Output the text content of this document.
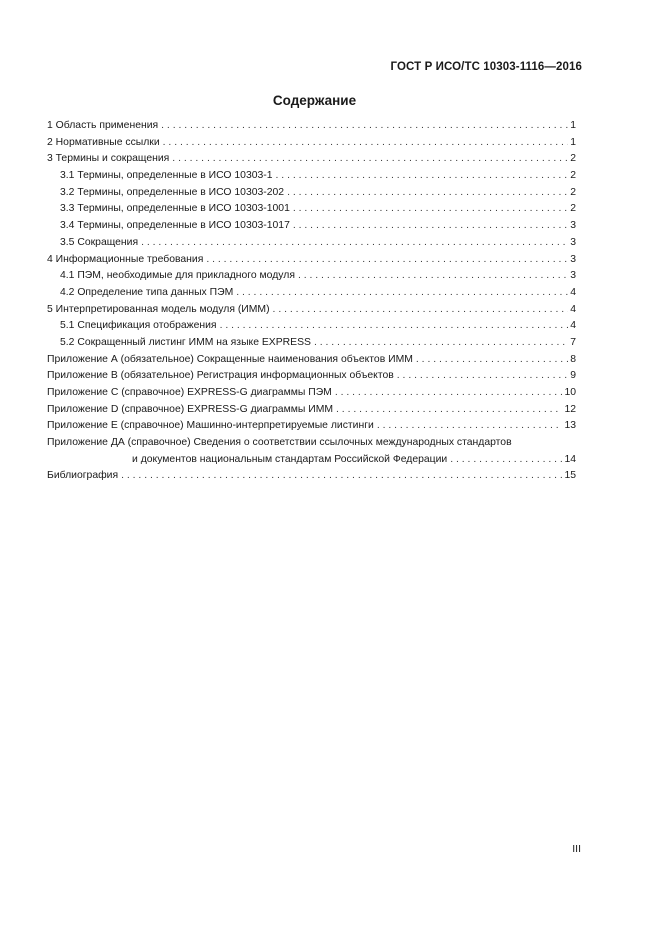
ГОСТ Р ИСО/ТС 10303-1116—2016
Содержание
1 Область применения . . .	1
2 Нормативные ссылки . . .	1
3 Термины и сокращения . . .	2
3.1 Термины, определенные в ИСО 10303-1 . . .	2
3.2 Термины, определенные в ИСО 10303-202 . . .	2
3.3 Термины, определенные в ИСО 10303-1001 . . .	2
3.4 Термины, определенные в ИСО 10303-1017 . . .	3
3.5 Сокращения . . .	3
4 Информационные требования . . .	3
4.1 ПЭМ, необходимые для прикладного модуля . . .	3
4.2 Определение типа данных ПЭМ . . .	4
5 Интерпретированная модель модуля (ИММ) . . .	4
5.1 Спецификация отображения . . .	4
5.2 Сокращенный листинг ИММ на языке EXPRESS . . .	7
Приложение А (обязательное) Сокращенные наименования объектов ИММ . . .	8
Приложение В (обязательное) Регистрация информационных объектов . . .	9
Приложение С (справочное) EXPRESS-G диаграммы ПЭМ . . .	10
Приложение D (справочное) EXPRESS-G диаграммы ИММ . . .	12
Приложение Е (справочное) Машинно-интерпретируемые листинги . . .	13
Приложение ДА (справочное) Сведения о соответствии ссылочных международных стандартов
и документов национальным стандартам Российской Федерации . . .	14
Библиография . . .	15
III
